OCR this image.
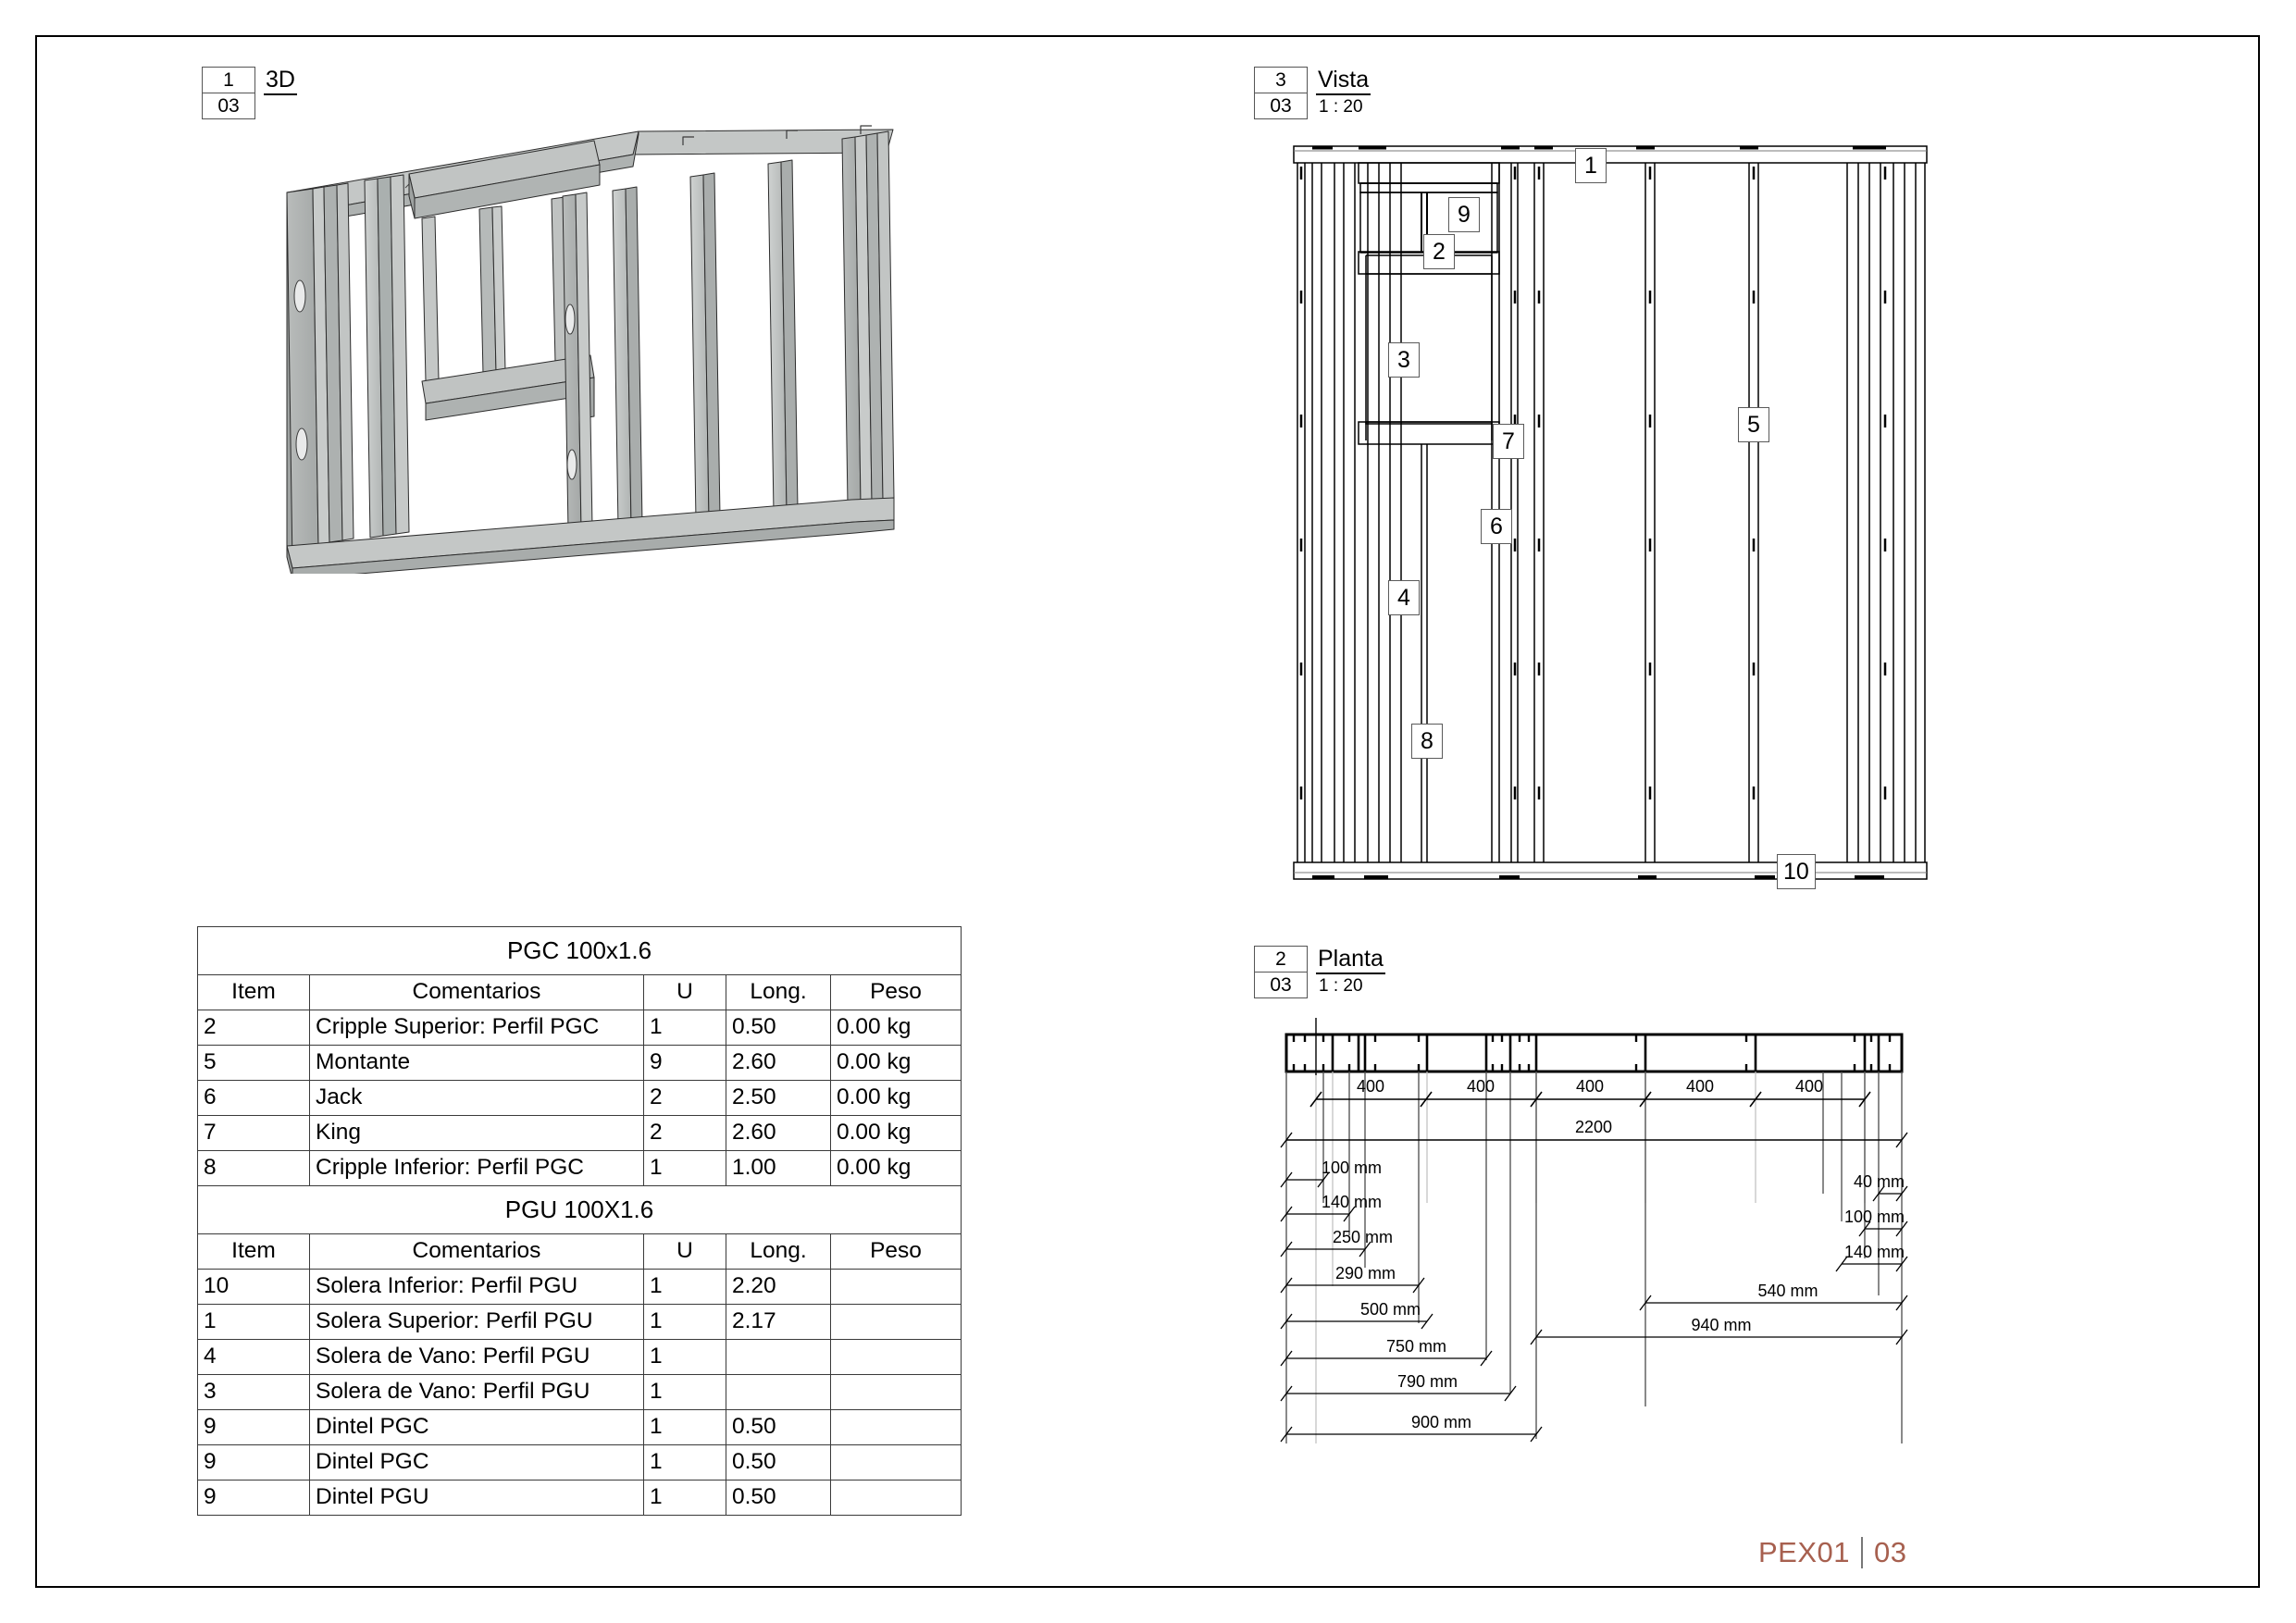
1
03
3D
PGC 100x1.6				
Item	Comentarios	U	Long.	Peso
2	Cripple Superior: Perfil PGC	1	0.50	0.00 kg
5	Montante	9	2.60	0.00 kg
6	Jack	2	2.50	0.00 kg
7	King	2	2.60	0.00 kg
8	Cripple Inferior: Perfil PGC	1	1.00	0.00 kg
PGU 100X1.6				
Item	Comentarios	U	Long.	Peso
10	Solera Inferior: Perfil PGU	1	2.20	
1	Solera Superior: Perfil PGU	1	2.17	
4	Solera de Vano: Perfil PGU	1		
3	Solera de Vano: Perfil PGU	1		
9	Dintel PGC	1	0.50	
9	Dintel PGC	1	0.50	
9	Dintel PGU	1	0.50	
3
03
Vista
1 : 20
1
9
2
3
7
6
4
8
5
10
2
03
Planta
1 : 20
400	400	400	400	400
2200
100 mm
140 mm
250 mm
290 mm
500 mm
750 mm
790 mm
900 mm
40 mm
100 mm
140 mm
540 mm
940 mm
PEX01 03
